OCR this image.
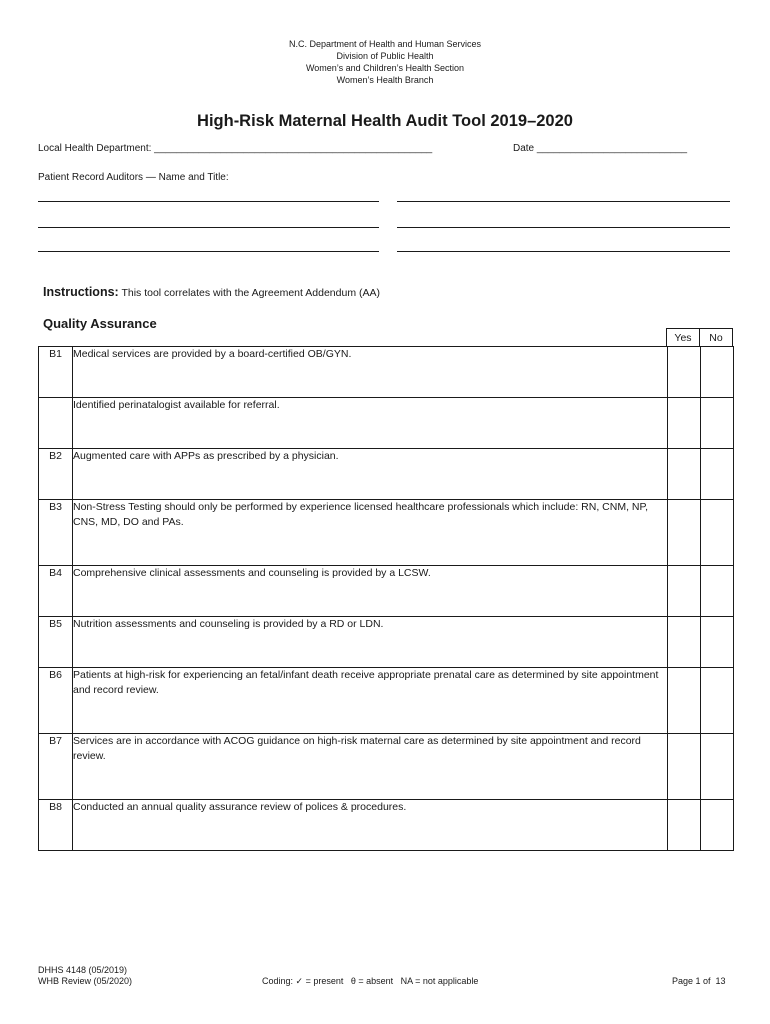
N.C. Department of Health and Human Services
Division of Public Health
Women’s and Children’s Health Section
Women’s Health Branch
High-Risk Maternal Health Audit Tool 2019–2020
Local Health Department: __________________________________________________	Date ___________________________
Patient Record Auditors — Name and Title:
Instructions: This tool correlates with the Agreement Addendum (AA)
Quality Assurance
Yes	No
B1	Medical services are provided by a board-certified OB/GYN.		
	Identified perinatalogist available for referral.		
B2	Augmented care with APPs as prescribed by a physician.		
B3	Non-Stress Testing should only be performed by experience licensed healthcare professionals which include: RN, CNM, NP, CNS, MD, DO and PAs.		
B4	Comprehensive clinical assessments and counseling is provided by a LCSW.		
B5	Nutrition assessments and counseling is provided by a RD or LDN.		
B6	Patients at high-risk for experiencing an fetal/infant death receive appropriate prenatal care as determined by site appointment and record review.		
B7	Services are in accordance with ACOG guidance on high-risk maternal care as determined by site appointment and record review.		
B8	Conducted an annual quality assurance review of polices & procedures.		
DHHS 4148 (05/2019)
WHB Review (05/2020)	Coding: ✓ = present   θ = absent   NA = not applicable	Page 1 of  13
